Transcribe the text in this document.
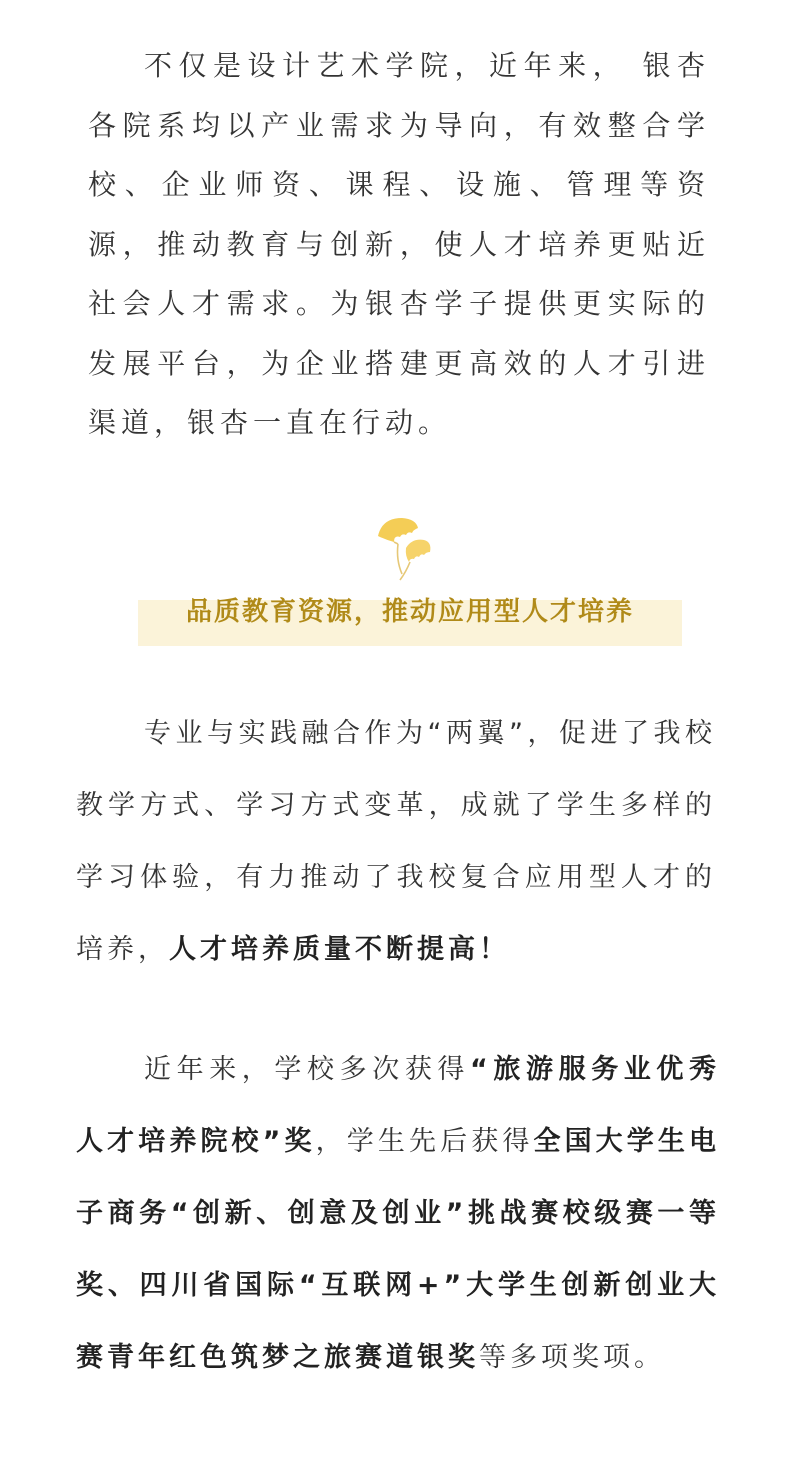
不仅是设计艺术学院，近年来， 银杏各院系均以产业需求为导向，有效整合学校、企业师资、课程、设施、管理等资源，推动教育与创新，使人才培养更贴近社会人才需求。为银杏学子提供更实际的发展平台，为企业搭建更高效的人才引进渠道，银杏一直在行动。

品质教育资源，推动应用型人才培养

专业与实践融合作为“两翼”，促进了我校教学方式、学习方式变革，成就了学生多样的学习体验，有力推动了我校复合应用型人才的培养，人才培养质量不断提高！

近年来，学校多次获得“旅游服务业优秀人才培养院校”奖，学生先后获得全国大学生电子商务“创新、创意及创业”挑战赛校级赛一等奖、四川省国际“互联网+”大学生创新创业大赛青年红色筑梦之旅赛道银奖等多项奖项。
